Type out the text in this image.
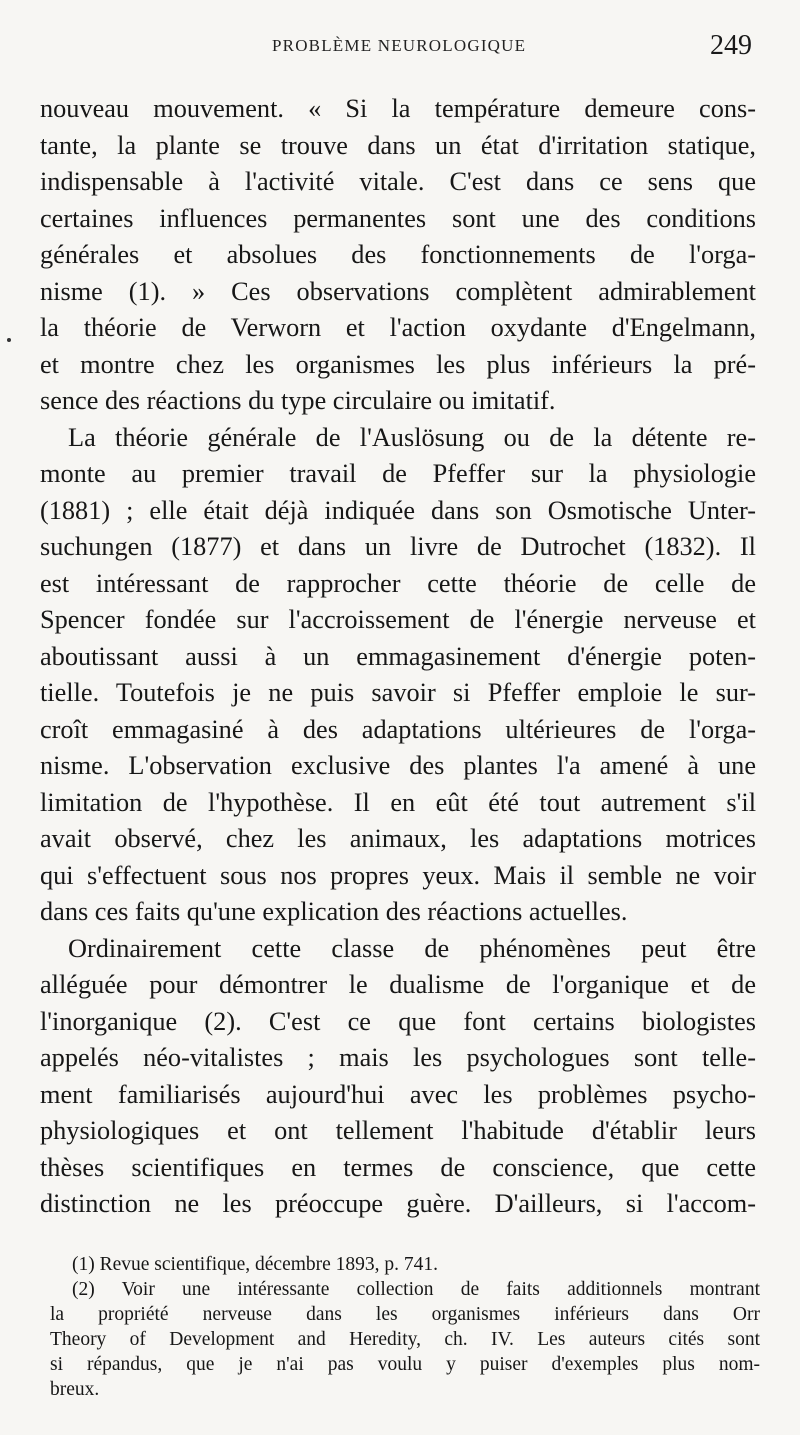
PROBLÈME NEUROLOGIQUE	249
nouveau mouvement. « Si la température demeure cons-
tante, la plante se trouve dans un état d'irritation statique,
indispensable à l'activité vitale. C'est dans ce sens que
certaines influences permanentes sont une des conditions
générales et absolues des fonctionnements de l'orga-
nisme (1). » Ces observations complètent admirablement
la théorie de Verworn et l'action oxydante d'Engelmann,
et montre chez les organismes les plus inférieurs la pré-
sence des réactions du type circulaire ou imitatif.
La théorie générale de l'Auslösung ou de la détente re-
monte au premier travail de Pfeffer sur la physiologie
(1881) ; elle était déjà indiquée dans son Osmotische Unter-
suchungen (1877) et dans un livre de Dutrochet (1832). Il
est intéressant de rapprocher cette théorie de celle de
Spencer fondée sur l'accroissement de l'énergie nerveuse et
aboutissant aussi à un emmagasinement d'énergie poten-
tielle. Toutefois je ne puis savoir si Pfeffer emploie le sur-
croît emmagasiné à des adaptations ultérieures de l'orga-
nisme. L'observation exclusive des plantes l'a amené à une
limitation de l'hypothèse. Il en eût été tout autrement s'il
avait observé, chez les animaux, les adaptations motrices
qui s'effectuent sous nos propres yeux. Mais il semble ne voir
dans ces faits qu'une explication des réactions actuelles.
Ordinairement cette classe de phénomènes peut être
alléguée pour démontrer le dualisme de l'organique et de
l'inorganique (2). C'est ce que font certains biologistes
appelés néo-vitalistes ; mais les psychologues sont telle-
ment familiarisés aujourd'hui avec les problèmes psycho-
physiologiques et ont tellement l'habitude d'établir leurs
thèses scientifiques en termes de conscience, que cette
distinction ne les préoccupe guère. D'ailleurs, si l'accom-
(1) Revue scientifique, décembre 1893, p. 741.
(2) Voir une intéressante collection de faits additionnels montrant
la propriété nerveuse dans les organismes inférieurs dans Orr
Theory of Development and Heredity, ch. IV. Les auteurs cités sont
si répandus, que je n'ai pas voulu y puiser d'exemples plus nom-
breux.
